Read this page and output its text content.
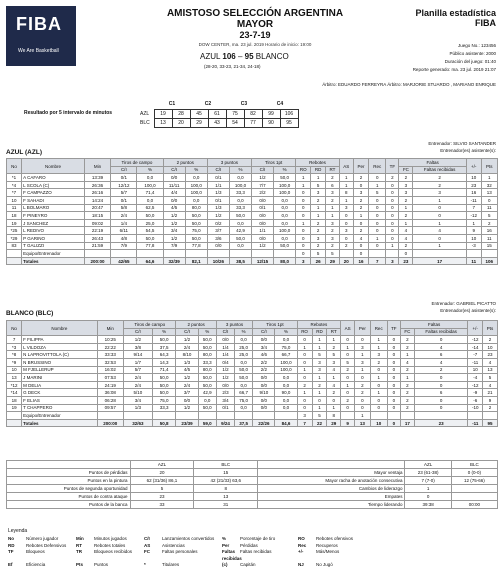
FIBA
We Are Basketball
AMISTOSO SELECCIÓN ARGENTINA MAYOR
23-7-19
DOW CENTER, ma. 23 jul. 2019 Horario de inicio: 19:00
Planilla estadística
FIBA
Juego No.: 123456
Público asistente: 2000
Duración del juego: 01:40
Reporte generado: ma. 23 jul. 2019 21:07
AZUL 106 – 95 BLANCO
(28-20, 33-23, 21-34, 24-18)
Árbitro: EDUARDO FERREYRA Árbitro: MARJORIE STUARDO , MARIANO ENRIQUE
Resultado por 5 intervalo de minutos
	C1		C2		C3		C4	
AZL	19	28	45	61	75	82	99	106
BLC	13	20	29	43	54	77	90	95
Entrenador: SILVIO SANTANDER
Entrenador(es) asistente(s):
AZUL (AZL)
No	Nombre	Min	Tiros de campo		2 puntos		3 puntos		Tiros 1pt		Rebotes			AS	Per	Rec	TF	Faltas		+/-	Pts
			C/I	%	C/I	%	C/I	%	C/I	%	RO	RD	RT					FC	Faltas recibidas		
*1	A CAFARO	13:39	0/1	0,0	0/0	0,0	0/1	0,0	1/2	50,0	1	1	2	1	2	0	2	2	2	10	1
*4	L SCOLA (C)	26:36	12/12	100,0	11/11	100,0	1/1	100,0	7/7	100,0	1	5	6	1	0	1	0	3	2	23	32
*7	F CAMPAZZO	26:16	5/7	71,4	4/4	100,0	1/3	33,3	2/2	100,0	0	3	3	8	3	5	0	3	3	16	13
10	F SAHADI	14:24	0/1	0,0	0/0	0,0	0/1	0,0	0/0	0,0	0	2	2	1	2	0	0	2	1	-11	0
11	L BOLMARO	20:47	5/8	62,5	4/5	80,0	1/3	33,3	0/1	0,0	0	1	1	3	2	0	0	1	0	7	11
18	F PINEYRO	18:15	2/4	50,0	1/2	50,0	1/2	50,0	0/0	0,0	0	1	1	0	1	0	0	2	0	-12	5
19	J SANCHEZ	09:02	1/4	25,0	1/2	50,0	0/2	0,0	0/0	0,0	1	2	3	0	0	0	0	1	1	1	2
*25	L REDIVO	22:19	6/11	54,5	3/4	75,0	3/7	42,9	1/1	100,0	0	2	2	3	2	0	0	4	4	9	16
*29	P GARINO	26:43	4/8	50,0	1/2	50,0	3/6	50,0	0/0	0,0	0	3	3	0	4	1	0	4	0	10	11
83	T GALIZZI	21:59	7/9	77,8	7/9	77,8	0/0	0,0	1/2	50,0	0	2	2	2	0	0	1	2	1	-3	15
	Equipo/Entrenador										0	5	5		0			0			
	Totales	200:00	42/65	64,6	32/39	82,1	10/26	38,5	12/15	80,0	3	26	29	20	16	7	3	23	17	11	106
Entrenador: GABRIEL PICATTO
Entrenador(es) asistente(s):
BLANCO (BLC)
No	Nombre	Min	Tiros de campo		2 puntos		3 puntos		Tiros 1pt		Rebotes			AS	Per	Rec	TF	Faltas		+/-	Pts
			C/I	%	C/I	%	C/I	%	C/I	%	RO	RD	RT					FC	Faltas recibidas		
7	F FILIPPA	10:25	1/2	50,0	1/2	50,0	0/0	0,0	0/0	0,0	0	1	1	0	0	1	0	2	0	-12	2
*3	L VILDOZA	22:22	3/8	37,5	2/4	50,0	1/4	25,0	3/4	75,0	1	1	2	1	3	1	0	2	4	-14	10
*8	N LAPROVITTOLA (C)	33:33	9/14	64,3	8/10	80,0	1/4	25,0	4/6	66,7	0	5	5	0	1	3	0	1	6	-7	23
*9	N BRUSSINO	32:53	1/7	14,3	1/3	33,3	0/4	0,0	2/2	100,0	0	3	3	5	3	2	0	4	4	-11	4
10	M FJELLERUP	16:02	5/7	71,4	4/5	80,0	1/2	50,0	2/2	100,0	1	3	4	2	1	0	0	2	2	10	13
13	J MARINI	07:53	2/4	50,0	1/2	50,0	1/2	50,0	0/0	0,0	0	1	1	0	0	1	0	1	0	-4	5
*12	M DELIA	24:19	2/4	50,0	2/4	50,0	0/0	0,0	0/0	0,0	2	2	4	1	2	0	0	2	0	-12	4
*14	G DECK	36:08	5/10	50,0	3/7	42,9	2/3	66,7	9/10	90,0	1	1	2	0	2	1	0	2	6	-9	21
18	F ELIAS	06:28	3/4	75,0	0/0	0,0	3/4	75,0	0/0	0,0	0	0	0	2	0	0	0	2	0	-6	9
19	T CHAPPERO	09:57	1/3	33,3	1/2	50,0	0/1	0,0	0/0	0,0	0	1	1	0	0	0	0	2	0	-10	2
	Equipo/Entrenador										3	5	8		1						
	Totales	200:00	32/63	50,8	23/39	59,0	9/24	37,5	22/26	84,6	7	22	29	9	13	10	0	17	23	-11	95
	AZL	BLC		AZL	BLC
Puntos de pérdidas	20	15	Mayor ventaja	23 (61-38)	0 (0-0)
Puntos en la pintura	62 (31/36) 86,1	42 (21/33) 63,6	Mayor racha de anotación consecutiva	7 (7-0)	12 (75-66)
Puntos de segunda oportunidad	5	8	Cambios de liderazgo	1	
Puntos de contra ataque	23	13	Empates	0	
Puntos de la banca	33	31	Tiempo liderando	39:38	00:00
Leyenda
No	Número jugador	Min	Minutos jugados	C/I	Lanzamientos convertidos	%	Porcentaje de tiro	RO	Rebotes ofensivos
RD	Rebotes Defensivos	RT	Rebotes totales	AS	Asistencias	Per	Pérdidas	Rec	Recuperos
TF	Bloqueos	TR	Bloqueos recibidos	FC	Faltas personales	Faltas recibidas
Faltas recibidas	+/-	Más/Menos
Ef	Eficiencia	Pts	Puntos	*	Titulares	(c)	Capitán	NJ	No Jugó
